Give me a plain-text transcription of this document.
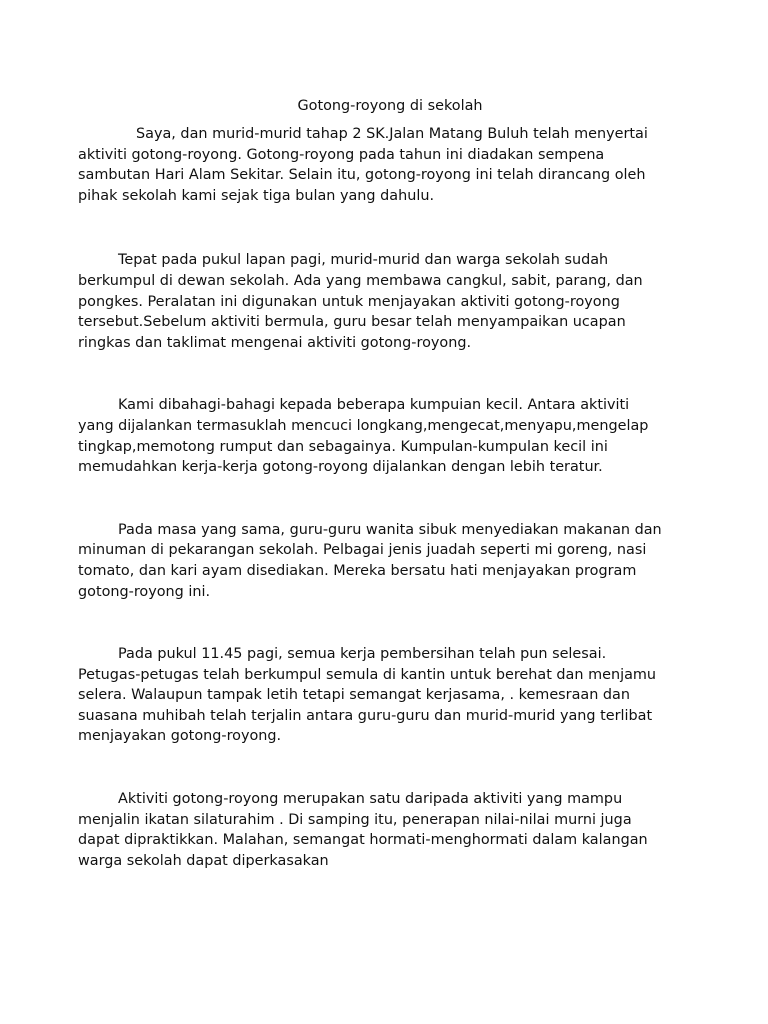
Gotong-royong di sekolah

Saya, dan murid-murid tahap 2 SK.Jalan Matang Buluh telah menyertai
aktiviti gotong-royong. Gotong-royong pada tahun ini diadakan sempena
sambutan Hari Alam Sekitar. Selain itu, gotong-royong ini telah dirancang oleh
pihak sekolah kami sejak tiga bulan yang dahulu.

Tepat pada pukul lapan pagi, murid-murid dan warga sekolah sudah
berkumpul di dewan sekolah. Ada yang membawa cangkul, sabit, parang, dan
pongkes. Peralatan ini digunakan untuk menjayakan aktiviti gotong-royong
tersebut.Sebelum aktiviti bermula, guru besar telah menyampaikan ucapan
ringkas dan taklimat mengenai aktiviti gotong-royong.

Kami dibahagi-bahagi kepada beberapa kumpuian kecil. Antara aktiviti
yang dijalankan termasuklah mencuci longkang,mengecat,menyapu,mengelap
tingkap,memotong rumput dan sebagainya. Kumpulan-kumpulan kecil ini
memudahkan kerja-kerja gotong-royong dijalankan dengan lebih teratur.

Pada masa yang sama, guru-guru wanita sibuk menyediakan makanan dan
minuman di pekarangan sekolah. Pelbagai jenis juadah seperti mi goreng, nasi
tomato, dan kari ayam disediakan. Mereka bersatu hati menjayakan program
gotong-royong ini.

Pada pukul 11.45 pagi, semua kerja pembersihan telah pun selesai.
Petugas-petugas telah berkumpul semula di kantin untuk berehat dan menjamu
selera. Walaupun tampak letih tetapi semangat kerjasama, . kemesraan dan
suasana muhibah telah terjalin antara guru-guru dan murid-murid yang terlibat
menjayakan gotong-royong.

Aktiviti gotong-royong merupakan satu daripada aktiviti yang mampu
menjalin ikatan silaturahim . Di samping itu, penerapan nilai-nilai murni juga
dapat dipraktikkan. Malahan, semangat hormati-menghormati dalam kalangan
warga sekolah dapat diperkasakan
